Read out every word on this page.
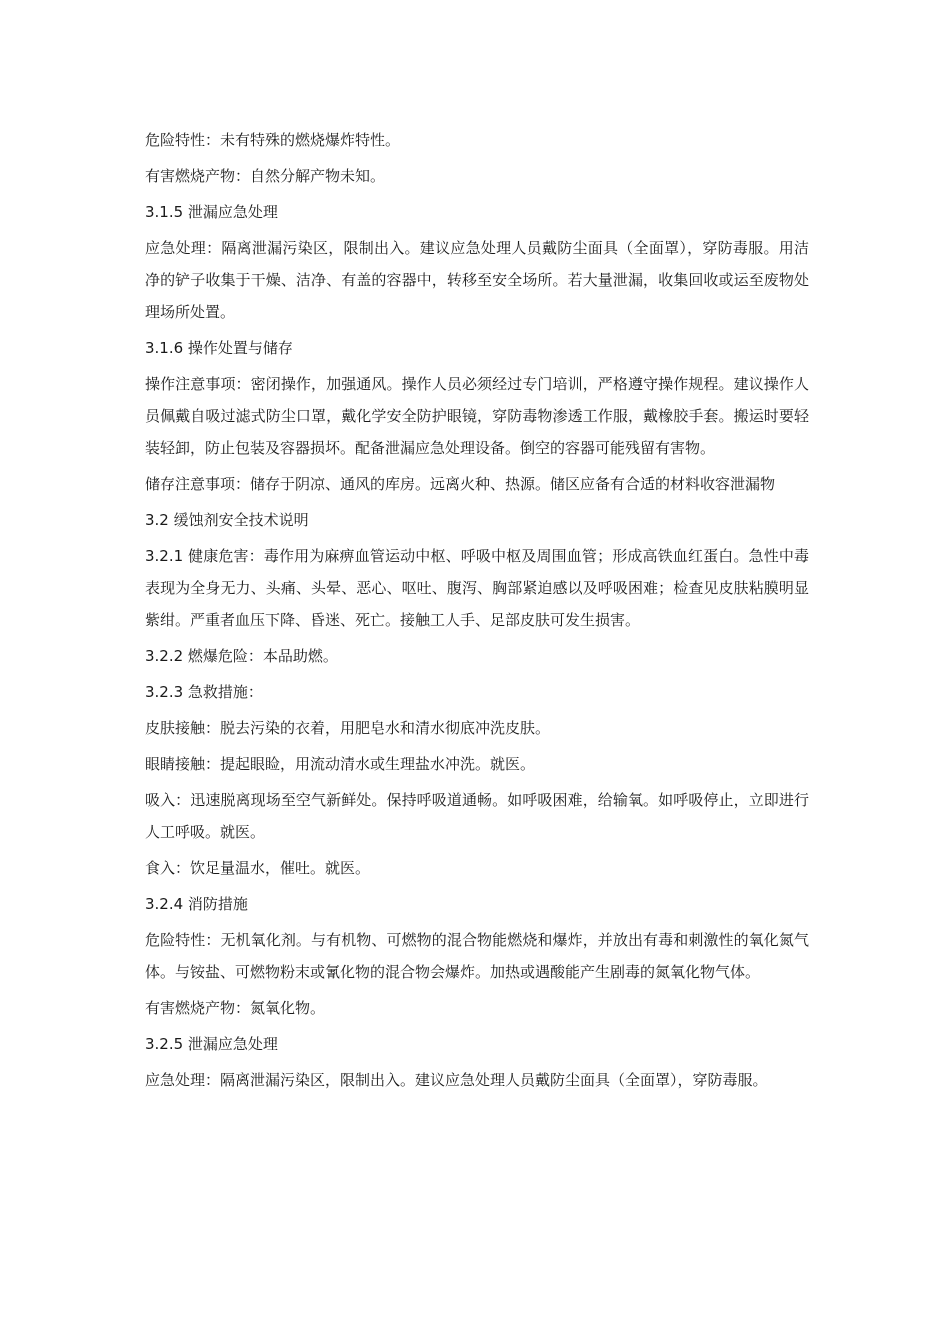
危险特性：未有特殊的燃烧爆炸特性。

有害燃烧产物：自然分解产物未知。

3.1.5 泄漏应急处理

应急处理：隔离泄漏污染区，限制出入。建议应急处理人员戴防尘面具（全面罩），穿防毒服。用洁净的铲子收集于干燥、洁净、有盖的容器中，转移至安全场所。若大量泄漏，收集回收或运至废物处理场所处置。

3.1.6 操作处置与储存

操作注意事项：密闭操作，加强通风。操作人员必须经过专门培训，严格遵守操作规程。建议操作人员佩戴自吸过滤式防尘口罩，戴化学安全防护眼镜，穿防毒物渗透工作服，戴橡胶手套。搬运时要轻装轻卸，防止包装及容器损坏。配备泄漏应急处理设备。倒空的容器可能残留有害物。

储存注意事项：储存于阴凉、通风的库房。远离火种、热源。储区应备有合适的材料收容泄漏物

3.2 缓蚀剂安全技术说明

3.2.1 健康危害：毒作用为麻痹血管运动中枢、呼吸中枢及周围血管；形成高铁血红蛋白。急性中毒表现为全身无力、头痛、头晕、恶心、呕吐、腹泻、胸部紧迫感以及呼吸困难；检查见皮肤粘膜明显紫绀。严重者血压下降、昏迷、死亡。接触工人手、足部皮肤可发生损害。

3.2.2 燃爆危险：本品助燃。

3.2.3 急救措施：

皮肤接触：脱去污染的衣着，用肥皂水和清水彻底冲洗皮肤。

眼睛接触：提起眼睑，用流动清水或生理盐水冲洗。就医。

吸入：迅速脱离现场至空气新鲜处。保持呼吸道通畅。如呼吸困难，给输氧。如呼吸停止，立即进行人工呼吸。就医。

食入：饮足量温水，催吐。就医。

3.2.4 消防措施

危险特性：无机氧化剂。与有机物、可燃物的混合物能燃烧和爆炸，并放出有毒和刺激性的氧化氮气体。与铵盐、可燃物粉末或氰化物的混合物会爆炸。加热或遇酸能产生剧毒的氮氧化物气体。

有害燃烧产物：氮氧化物。

3.2.5 泄漏应急处理

应急处理：隔离泄漏污染区，限制出入。建议应急处理人员戴防尘面具（全面罩），穿防毒服。
